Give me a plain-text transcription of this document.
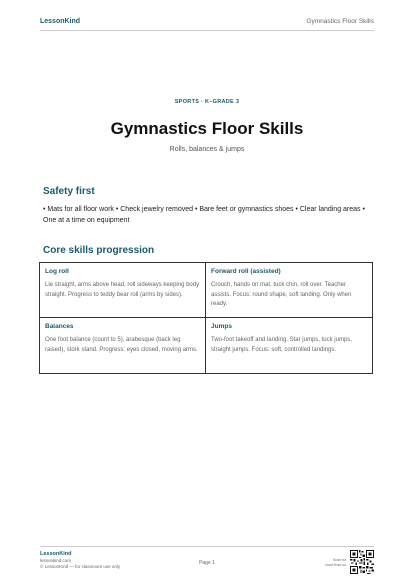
LessonKind	Gymnastics Floor Skills
SPORTS · K–GRADE 3
Gymnastics Floor Skills
Rolls, balances & jumps
Safety first
• Mats for all floor work • Check jewelry removed • Bare feet or gymnastics shoes • Clear landing areas • One at a time on equipment
Core skills progression
Log roll
Lie straight, arms above head, roll sideways keeping body straight. Progress to teddy bear roll (arms by sides).
Forward roll (assisted)
Crouch, hands on mat, tuck chin, roll over. Teacher assists. Focus: round shape, soft landing. Only when ready.
Balances
One foot balance (count to 5), arabesque (back leg raised), stork stand. Progress: eyes closed, moving arms.
Jumps
Two-foot takeoff and landing. Star jumps, tuck jumps, straight jumps. Focus: soft, controlled landings.
LessonKind
lessonkind.com
© LessonKind — for classroom use only
Page 1	Scan for
more from us
